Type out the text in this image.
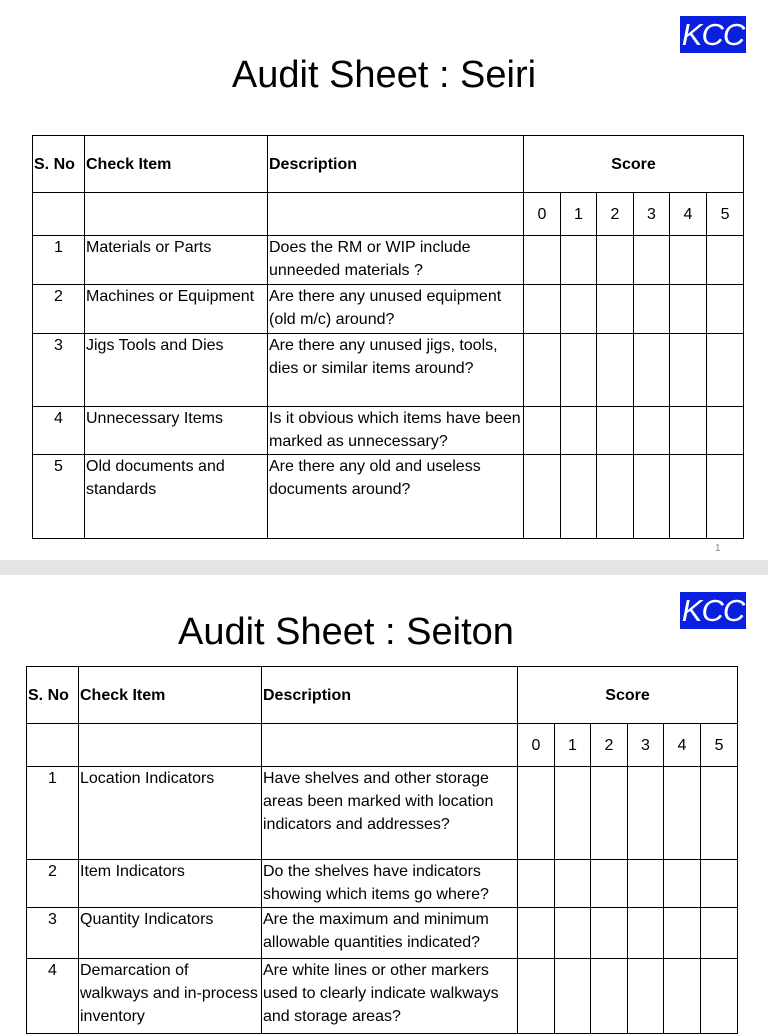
KCC
Audit Sheet : Seiri
S. No	Check Item	Description	Score					
			0	1	2	3	4	5
1	Materials or Parts	Does the RM or WIP include unneeded materials ?						
2	Machines or Equipment	Are there any unused equipment (old m/c) around?						
3	Jigs Tools and Dies	Are there any unused jigs, tools, dies or similar items around?						
4	Unnecessary Items	Is it obvious which items have been marked as unnecessary?						
5	Old documents and standards	Are there any old and useless documents around?						
1
KCC
Audit Sheet : Seiton
S. No	Check Item	Description	Score					
			0	1	2	3	4	5
1	Location Indicators	Have shelves and other storage areas been marked with location indicators and addresses?						
2	Item Indicators	Do the shelves have indicators showing which items go where?						
3	Quantity Indicators	Are the maximum and minimum allowable quantities indicated?						
4	Demarcation of walkways and in-process inventory	Are white lines or other markers used to clearly indicate walkways and storage areas?						
